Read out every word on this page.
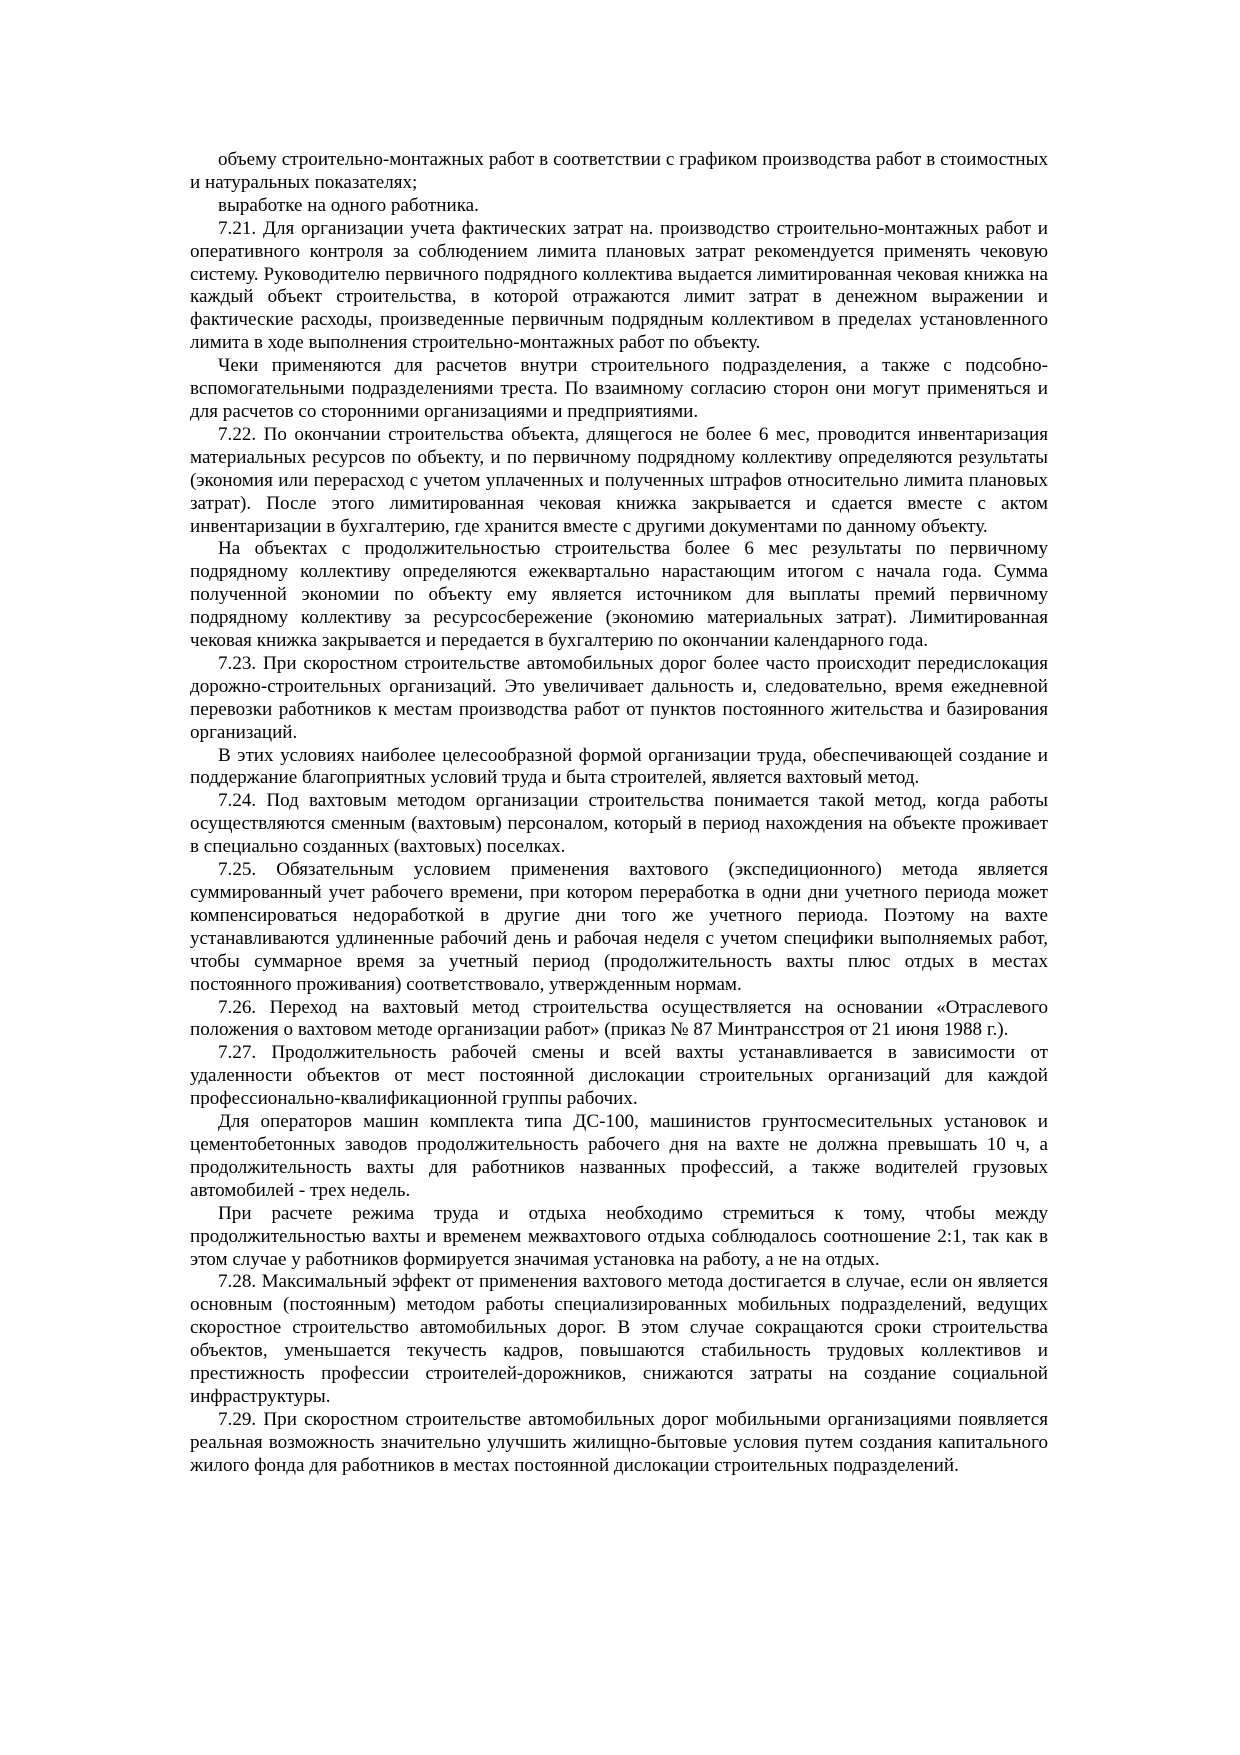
объему строительно-монтажных работ в соответствии с графиком производства работ в стоимостных и натуральных показателях;

выработке на одного работника.

7.21. Для организации учета фактических затрат на. производство строительно-монтажных работ и оперативного контроля за соблюдением лимита плановых затрат рекомендуется применять чековую систему. Руководителю первичного подрядного коллектива выдается лимитированная чековая книжка на каждый объект строительства, в которой отражаются лимит затрат в денежном выражении и фактические расходы, произведенные первичным подрядным коллективом в пределах установленного лимита в ходе выполнения строительно-монтажных работ по объекту.

Чеки применяются для расчетов внутри строительного подразделения, а также с подсобно-вспомогательными подразделениями треста. По взаимному согласию сторон они могут применяться и для расчетов со сторонними организациями и предприятиями.

7.22. По окончании строительства объекта, длящегося не более 6 мес, проводится инвентаризация материальных ресурсов по объекту, и по первичному подрядному коллективу определяются результаты (экономия или перерасход с учетом уплаченных и полученных штрафов относительно лимита плановых затрат). После этого лимитированная чековая книжка закрывается и сдается вместе с актом инвентаризации в бухгалтерию, где хранится вместе с другими документами по данному объекту.

На объектах с продолжительностью строительства более 6 мес результаты по первичному подрядному коллективу определяются ежеквартально нарастающим итогом с начала года. Сумма полученной экономии по объекту ему является источником для выплаты премий первичному подрядному коллективу за ресурсосбережение (экономию материальных затрат). Лимитированная чековая книжка закрывается и передается в бухгалтерию по окончании календарного года.

7.23. При скоростном строительстве автомобильных дорог более часто происходит передислокация дорожно-строительных организаций. Это увеличивает дальность и, следовательно, время ежедневной перевозки работников к местам производства работ от пунктов постоянного жительства и базирования организаций.

В этих условиях наиболее целесообразной формой организации труда, обеспечивающей создание и поддержание благоприятных условий труда и быта строителей, является вахтовый метод.

7.24. Под вахтовым методом организации строительства понимается такой метод, когда работы осуществляются сменным (вахтовым) персоналом, который в период нахождения на объекте проживает в специально созданных (вахтовых) поселках.

7.25. Обязательным условием применения вахтового (экспедиционного) метода является суммированный учет рабочего времени, при котором переработка в одни дни учетного периода может компенсироваться недоработкой в другие дни того же учетного периода. Поэтому на вахте устанавливаются удлиненные рабочий день и рабочая неделя с учетом специфики выполняемых работ, чтобы суммарное время за учетный период (продолжительность вахты плюс отдых в местах постоянного проживания) соответствовало, утвержденным нормам.

7.26. Переход на вахтовый метод строительства осуществляется на основании «Отраслевого положения о вахтовом методе организации работ» (приказ № 87 Минтрансстроя от 21 июня 1988 г.).

7.27. Продолжительность рабочей смены и всей вахты устанавливается в зависимости от удаленности объектов от мест постоянной дислокации строительных организаций для каждой профессионально-квалификационной группы рабочих.

Для операторов машин комплекта типа ДС-100, машинистов грунтосмесительных установок и цементобетонных заводов продолжительность рабочего дня на вахте не должна превышать 10 ч, а продолжительность вахты для работников названных профессий, а также водителей грузовых автомобилей - трех недель.

При расчете режима труда и отдыха необходимо стремиться к тому, чтобы между продолжительностью вахты и временем межвахтового отдыха соблюдалось соотношение 2:1, так как в этом случае у работников формируется значимая установка на работу, а не на отдых.

7.28. Максимальный эффект от применения вахтового метода достигается в случае, если он является основным (постоянным) методом работы специализированных мобильных подразделений, ведущих скоростное строительство автомобильных дорог. В этом случае сокращаются сроки строительства объектов, уменьшается текучесть кадров, повышаются стабильность трудовых коллективов и престижность профессии строителей-дорожников, снижаются затраты на создание социальной инфраструктуры.

7.29. При скоростном строительстве автомобильных дорог мобильными организациями появляется реальная возможность значительно улучшить жилищно-бытовые условия путем создания капитального жилого фонда для работников в местах постоянной дислокации строительных подразделений.
